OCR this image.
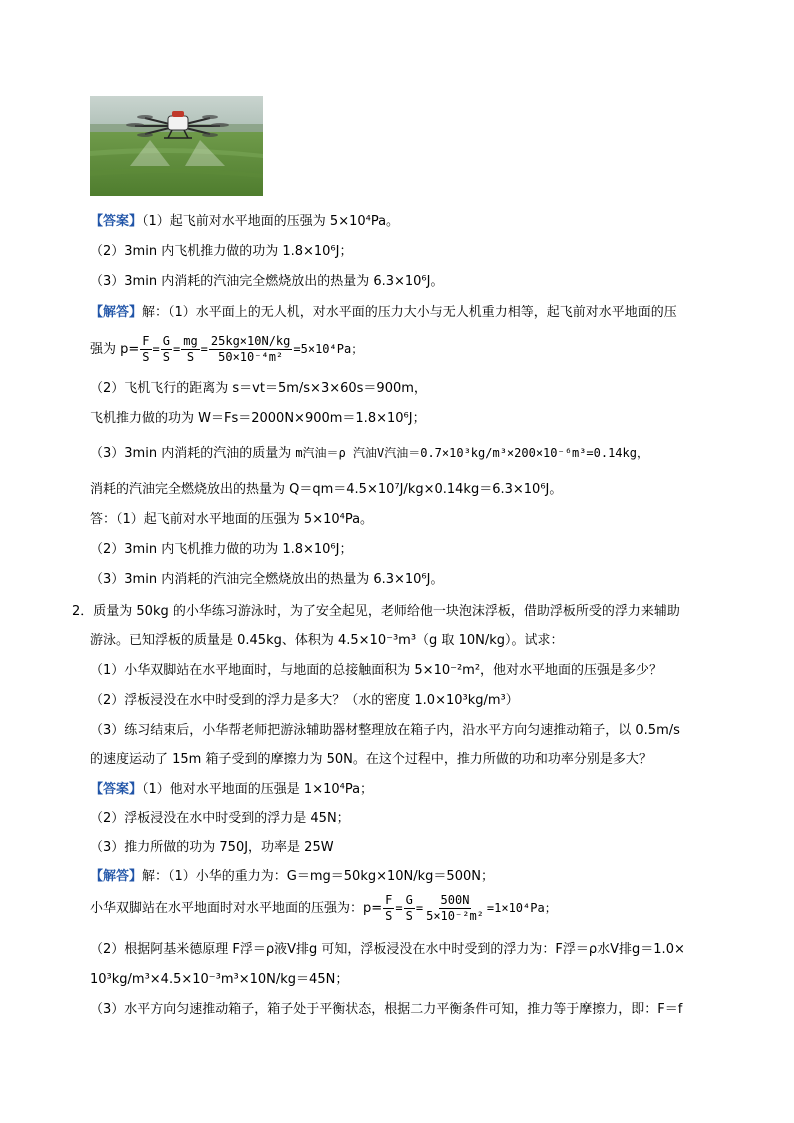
【答案】（1）起飞前对水平地面的压强为 5×10⁴Pa。
（2）3min 内飞机推力做的功为 1.8×10⁶J；
（3）3min 内消耗的汽油完全燃烧放出的热量为 6.3×10⁶J。
【解答】解：（1）水平面上的无人机，对水平面的压力大小与无人机重力相等，起飞前对水平地面的压
强为 $p= \frac{F}{S} = \frac{G}{S} = \frac{mg}{S} = \frac{25kg\times 10N/kg}{\text{50×10⁻⁴m²}} =5\times 10^4Pa$；
（2）飞机飞行的距离为 s＝vt＝5m/s×3×60s＝900m，
飞机推力做的功为 W＝Fs＝2000N×900m＝1.8×10⁶J；
（3）3min 内消耗的汽油的质量为 m汽油＝ρ 汽油V汽油＝0.7×10³kg/m³×200×10⁻⁶m³=0.14kg，
消耗的汽油完全燃烧放出的热量为 Q＝qm＝4.5×10⁷J/kg×0.14kg＝6.3×10⁶J。
答：（1）起飞前对水平地面的压强为 5×10⁴Pa。
（2）3min 内飞机推力做的功为 1.8×10⁶J；
（3）3min 内消耗的汽油完全燃烧放出的热量为 6.3×10⁶J。
2．质量为 50kg 的小华练习游泳时，为了安全起见，老师给他一块泡沫浮板，借助浮板所受的浮力来辅助
游泳。已知浮板的质量是 0.45kg、体积为 4.5×10⁻³m³（g 取 10N/kg）。试求：
（1）小华双脚站在水平地面时，与地面的总接触面积为 5×10⁻²m²，他对水平地面的压强是多少？
（2）浮板浸没在水中时受到的浮力是多大？（水的密度 1.0×10³kg/m³）
（3）练习结束后，小华帮老师把游泳辅助器材整理放在箱子内，沿水平方向匀速推动箱子，以 0.5m/s
的速度运动了 15m 箱子受到的摩擦力为 50N。在这个过程中，推力所做的功和功率分别是多大？
【答案】（1）他对水平地面的压强是 1×10⁴Pa；
（2）浮板浸没在水中时受到的浮力是 45N；
（3）推力所做的功为 750J，功率是 25W
【解答】解：（1）小华的重力为：G＝mg＝50kg×10N/kg＝500N；
小华双脚站在水平地面时对水平地面的压强为：$p= \frac{F}{S} = \frac{G}{S} = \frac{500N}{\text{5×10⁻²m²}} =1\times 10^4Pa$；
（2）根据阿基米德原理 F浮＝ρ液V排g 可知，浮板浸没在水中时受到的浮力为：F浮＝ρ水V排g＝1.0×
10³kg/m³×4.5×10⁻³m³×10N/kg＝45N；
（3）水平方向匀速推动箱子，箱子处于平衡状态，根据二力平衡条件可知，推力等于摩擦力，即：F＝f
